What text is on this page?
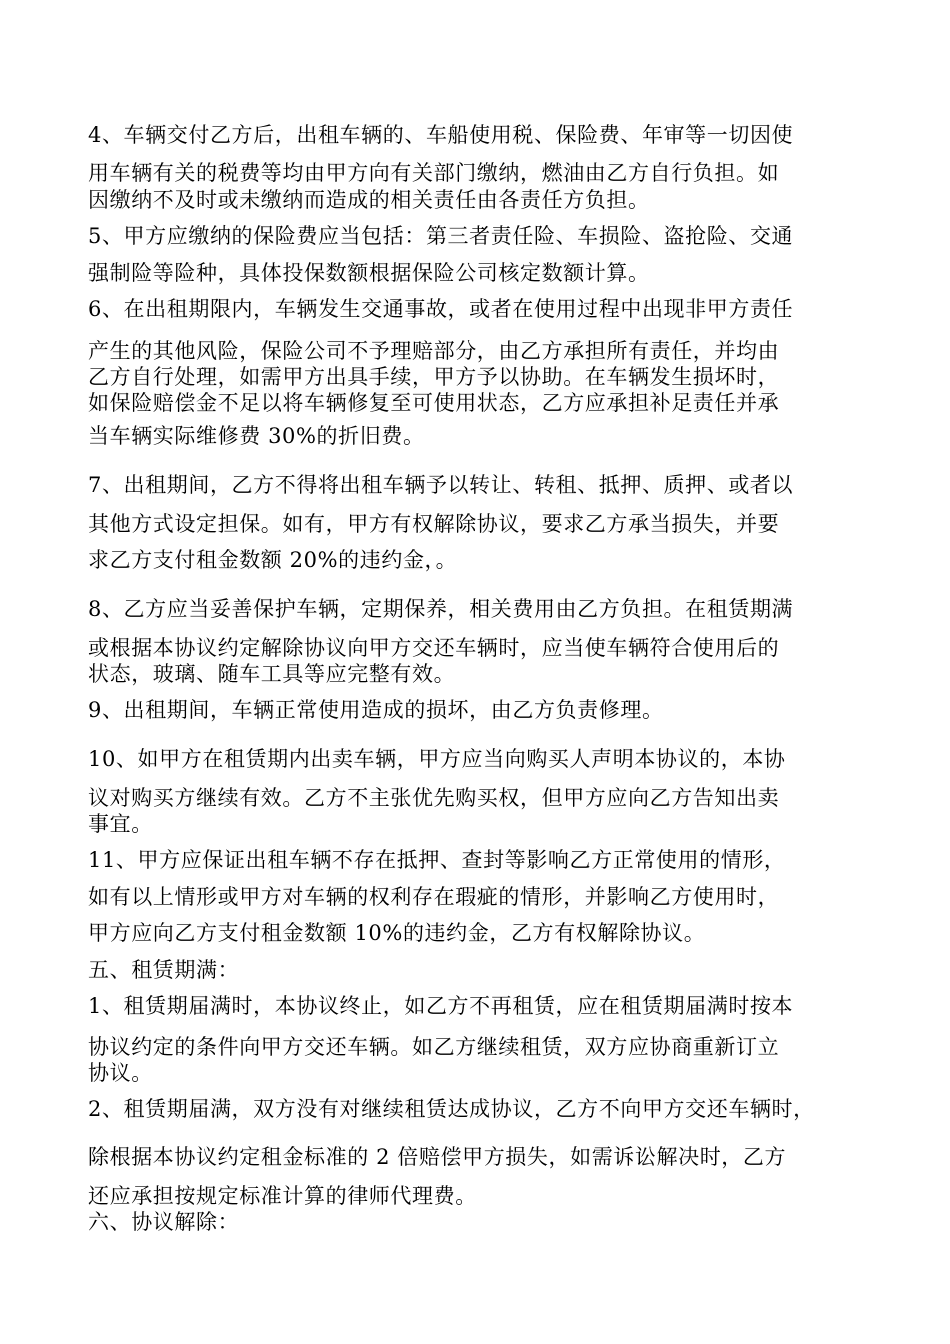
4、车辆交付乙方后，出租车辆的、车船使用税、保险费、年审等一切因使
用车辆有关的税费等均由甲方向有关部门缴纳，燃油由乙方自行负担。如
因缴纳不及时或未缴纳而造成的相关责任由各责任方负担。
5、甲方应缴纳的保险费应当包括：第三者责任险、车损险、盗抢险、交通
强制险等险种，具体投保数额根据保险公司核定数额计算。
6、在出租期限内，车辆发生交通事故，或者在使用过程中出现非甲方责任
产生的其他风险，保险公司不予理赔部分，由乙方承担所有责任，并均由
乙方自行处理，如需甲方出具手续，甲方予以协助。在车辆发生损坏时，
如保险赔偿金不足以将车辆修复至可使用状态，乙方应承担补足责任并承
当车辆实际维修费 30%的折旧费。
7、出租期间，乙方不得将出租车辆予以转让、转租、抵押、质押、或者以
其他方式设定担保。如有，甲方有权解除协议，要求乙方承当损失，并要
求乙方支付租金数额 20%的违约金，。
8、乙方应当妥善保护车辆，定期保养，相关费用由乙方负担。在租赁期满
或根据本协议约定解除协议向甲方交还车辆时，应当使车辆符合使用后的
状态，玻璃、随车工具等应完整有效。
9、出租期间，车辆正常使用造成的损坏，由乙方负责修理。
10、如甲方在租赁期内出卖车辆，甲方应当向购买人声明本协议的，本协
议对购买方继续有效。乙方不主张优先购买权，但甲方应向乙方告知出卖
事宜。
11、甲方应保证出租车辆不存在抵押、查封等影响乙方正常使用的情形，
如有以上情形或甲方对车辆的权利存在瑕疵的情形，并影响乙方使用时，
甲方应向乙方支付租金数额 10%的违约金，乙方有权解除协议。
五、租赁期满：
1、租赁期届满时，本协议终止，如乙方不再租赁，应在租赁期届满时按本
协议约定的条件向甲方交还车辆。如乙方继续租赁，双方应协商重新订立
协议。
2、租赁期届满，双方没有对继续租赁达成协议，乙方不向甲方交还车辆时，
除根据本协议约定租金标准的 2 倍赔偿甲方损失，如需诉讼解决时，乙方
还应承担按规定标准计算的律师代理费。
六、协议解除：
